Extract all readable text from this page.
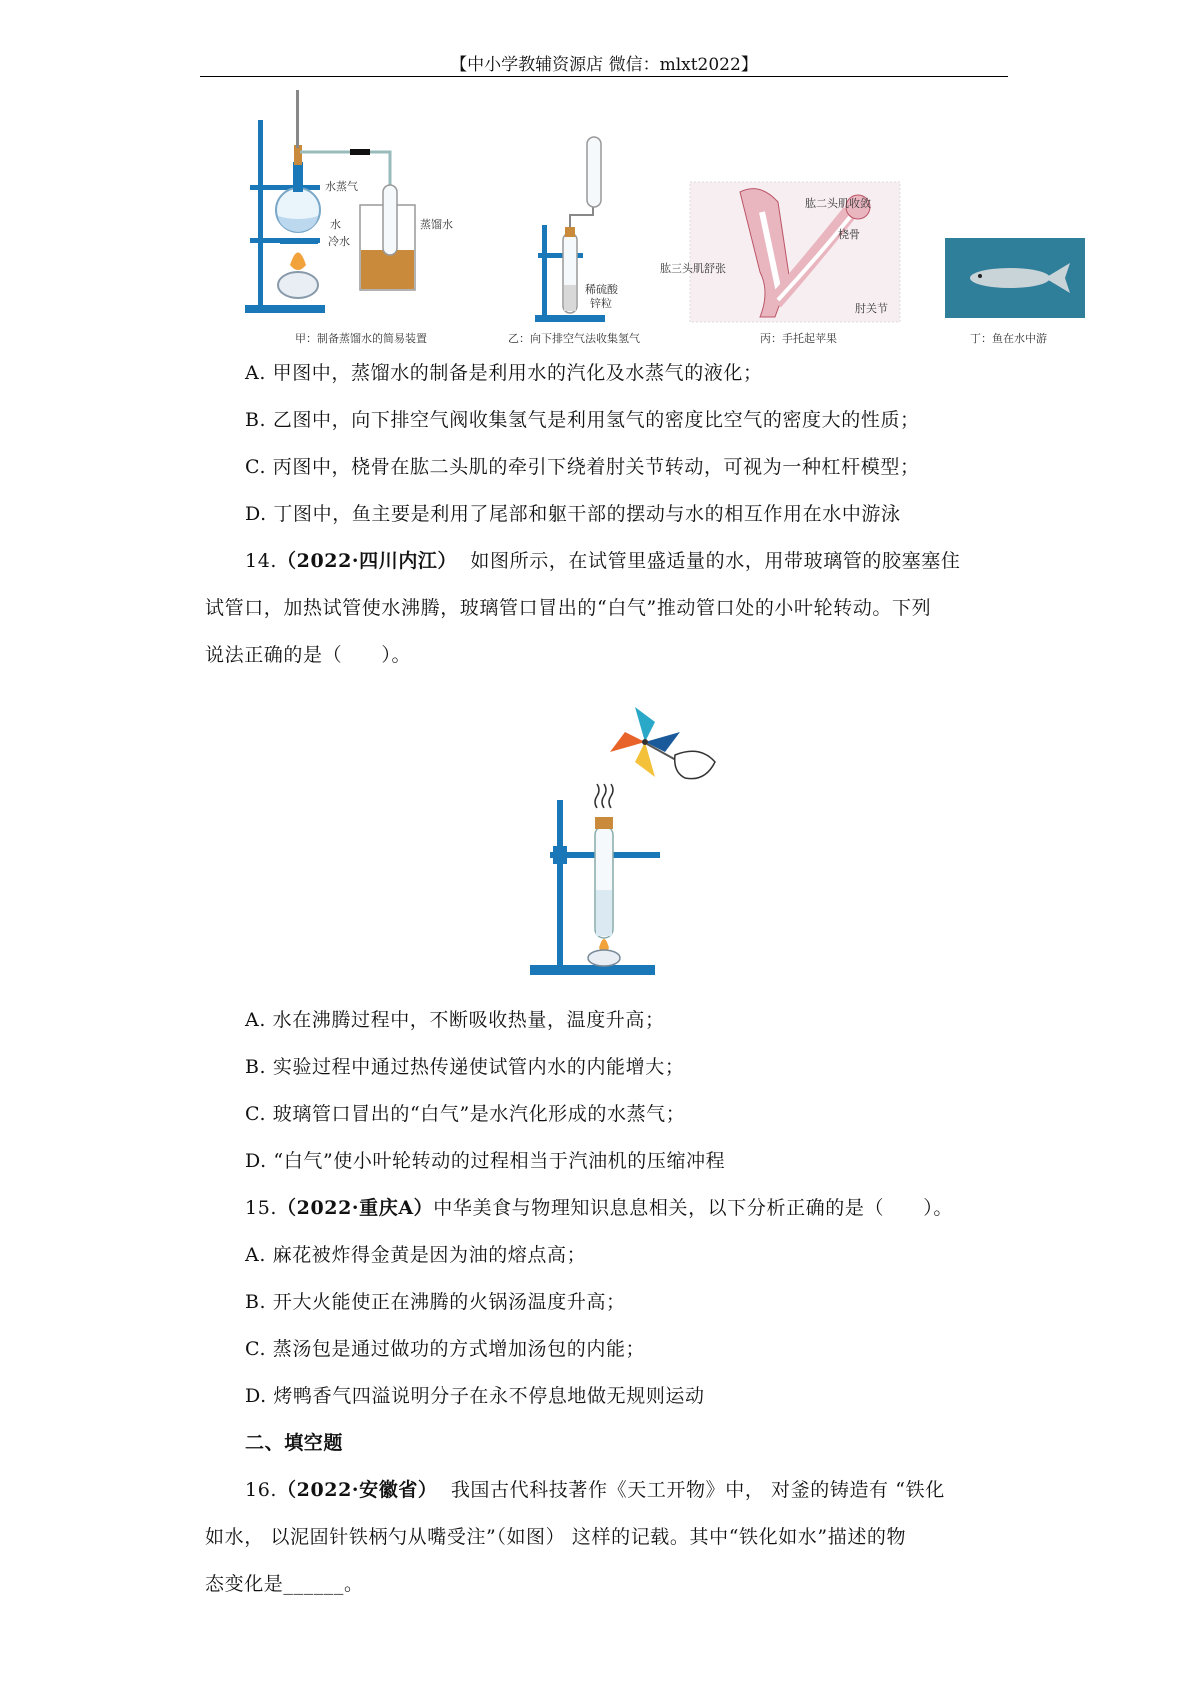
【中小学教辅资源店 微信：mlxt2022】
水蒸气
水
冷水
蒸馏水
甲：制备蒸馏水的简易装置
稀硫酸
锌粒
乙：向下排空气法收集氢气
肱二头肌收敛
桡骨
肱三头肌舒张
肘关节
丙：手托起苹果	丁：鱼在水中游
A. 甲图中，蒸馏水的制备是利用水的汽化及水蒸气的液化；
B. 乙图中，向下排空气阀收集氢气是利用氢气的密度比空气的密度大的性质；
C. 丙图中，桡骨在肱二头肌的牵引下绕着肘关节转动，可视为一种杠杆模型；
D. 丁图中，鱼主要是利用了尾部和躯干部的摆动与水的相互作用在水中游泳
14.（2022·四川内江） 如图所示，在试管里盛适量的水，用带玻璃管的胶塞塞住
试管口，加热试管使水沸腾，玻璃管口冒出的“白气”推动管口处的小叶轮转动。下列
说法正确的是（　　）。
A. 水在沸腾过程中，不断吸收热量，温度升高；
B. 实验过程中通过热传递使试管内水的内能增大；
C. 玻璃管口冒出的“白气”是水汽化形成的水蒸气；
D. “白气”使小叶轮转动的过程相当于汽油机的压缩冲程
15.（2022·重庆A）中华美食与物理知识息息相关，以下分析正确的是（　　）。
A. 麻花被炸得金黄是因为油的熔点高；
B. 开大火能使正在沸腾的火锅汤温度升高；
C. 蒸汤包是通过做功的方式增加汤包的内能；
D. 烤鸭香气四溢说明分子在永不停息地做无规则运动
二、填空题
16.（2022·安徽省） 我国古代科技著作《天工开物》中， 对釜的铸造有 “铁化
如水， 以泥固针铁柄勺从嘴受注”（如图） 这样的记载。其中“铁化如水”描述的物
态变化是______。
